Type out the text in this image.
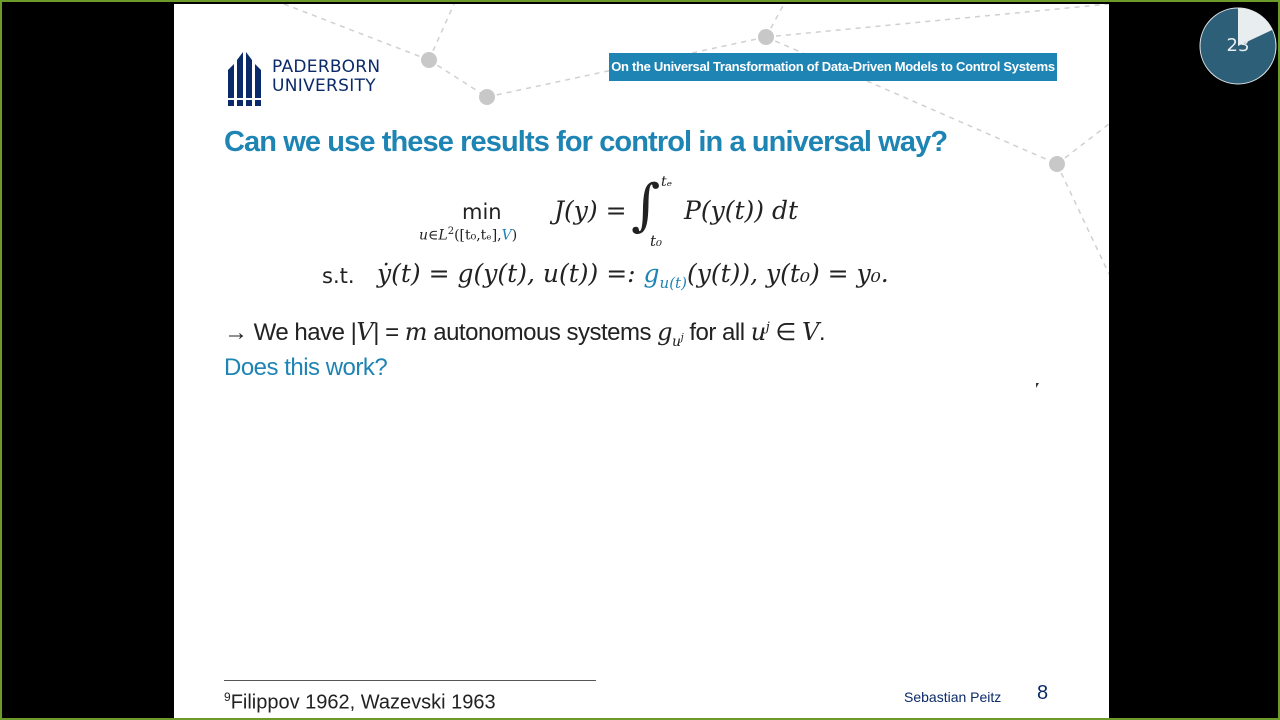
PADERBORN
UNIVERSITY
On the Universal Transformation of Data-Driven Models to Control Systems
Can we use these results for control in a universal way?
min
$u\in L^2([t_0,t_e],V)$
J(y) = ∫ tₑ
t₀
P(y(t)) dt
s.t. ẏ(t) = g(y(t), u(t)) =: $g_{u(t)}(y(t))$, y(t₀) = y₀.
→ We have |V| = m autonomous systems $g_{u^j}$ for all $u^j$ ∈ V.
Does this work?
$^9$Filippov 1962, Wazevski 1963	Sebastian Peitz 8
23
